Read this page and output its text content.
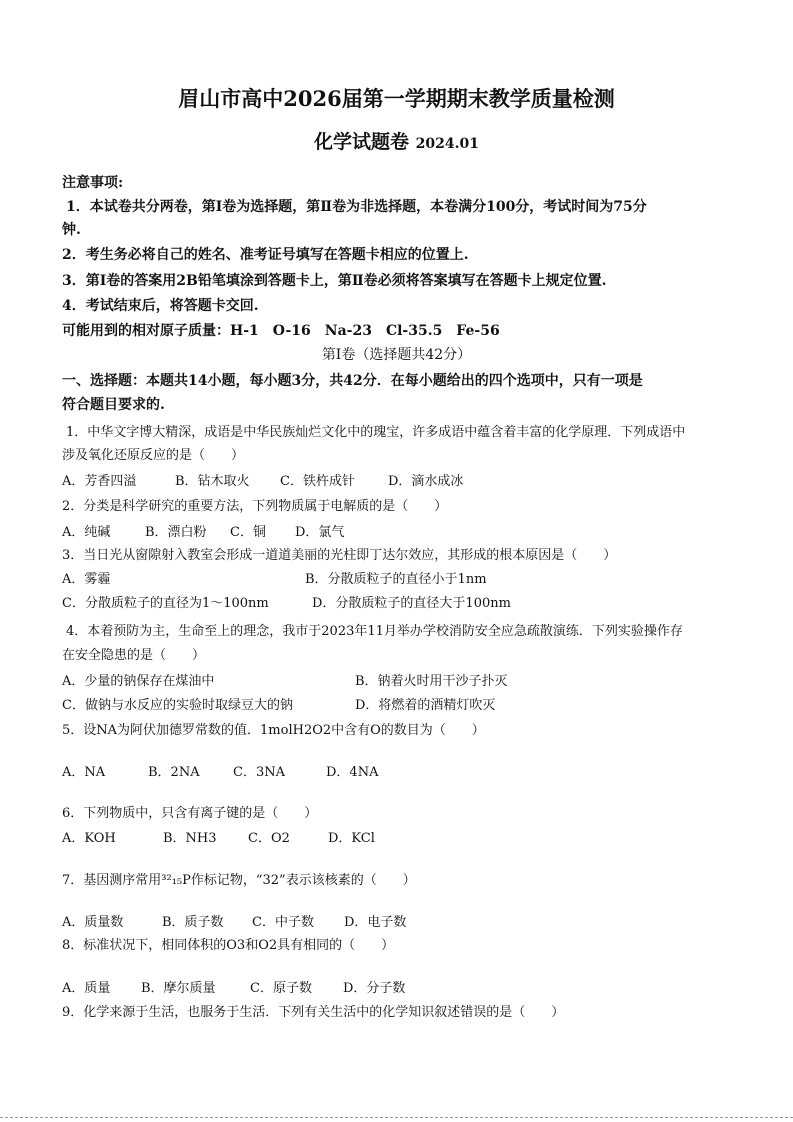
眉山市高中2026届第一学期期末教学质量检测
化学试题卷 2024.01
注意事项:
1．本试卷共分两卷，第Ⅰ卷为选择题，第Ⅱ卷为非选择题，本卷满分100分，考试时间为75分
钟.
2．考生务必将自己的姓名、准考证号填写在答题卡相应的位置上.
3．第Ⅰ卷的答案用2B铅笔填涂到答题卡上，第Ⅱ卷必须将答案填写在答题卡上规定位置.
4．考试结束后，将答题卡交回.
可能用到的相对原子质量：H-1　O-16　Na-23　Cl-35.5　Fe-56
第Ⅰ卷（选择题共42分）
一、选择题：本题共14小题，每小题3分，共42分．在每小题给出的四个选项中，只有一项是
符合题目要求的.
1．中华文字博大精深，成语是中华民族灿烂文化中的瑰宝，许多成语中蕴含着丰富的化学原理．下列成语中
涉及氧化还原反应的是（　　）
A．芳香四溢	B．钻木取火 C．铁杵成针	D．滴水成冰
2．分类是科学研究的重要方法，下列物质属于电解质的是（　　）
A．纯碱	B．漂白粉 C．铜 D．氯气
3．当日光从窗隙射入教室会形成一道道美丽的光柱即丁达尔效应，其形成的根本原因是（　　）
A．雾霾	B．分散质粒子的直径小于1nm
C．分散质粒子的直径为1～100nm	D．分散质粒子的直径大于100nm
4．本着预防为主，生命至上的理念，我市于2023年11月举办学校消防安全应急疏散演练．下列实验操作存
在安全隐患的是（　　）
A．少量的钠保存在煤油中	B．钠着火时用干沙子扑灭
C．做钠与水反应的实验时取绿豆大的钠	D．将燃着的酒精灯吹灭
5．设NA为阿伏加德罗常数的值．1molH2O2中含有O的数目为（　　）
A．NA	B．2NA	C．3NA	D．4NA
6．下列物质中，只含有离子键的是（　　）
A．KOH	B．NH3 C．O2	D．KCl
7．基因测序常用³²₁₅P作标记物，“32”表示该核素的（　　）
A．质量数	B．质子数 C．中子数 D．电子数
8．标准状况下，相同体积的O3和O2具有相同的（　　）
A．质量 B．摩尔质量	C．原子数 D．分子数
9．化学来源于生活，也服务于生活．下列有关生活中的化学知识叙述错误的是（　　）
